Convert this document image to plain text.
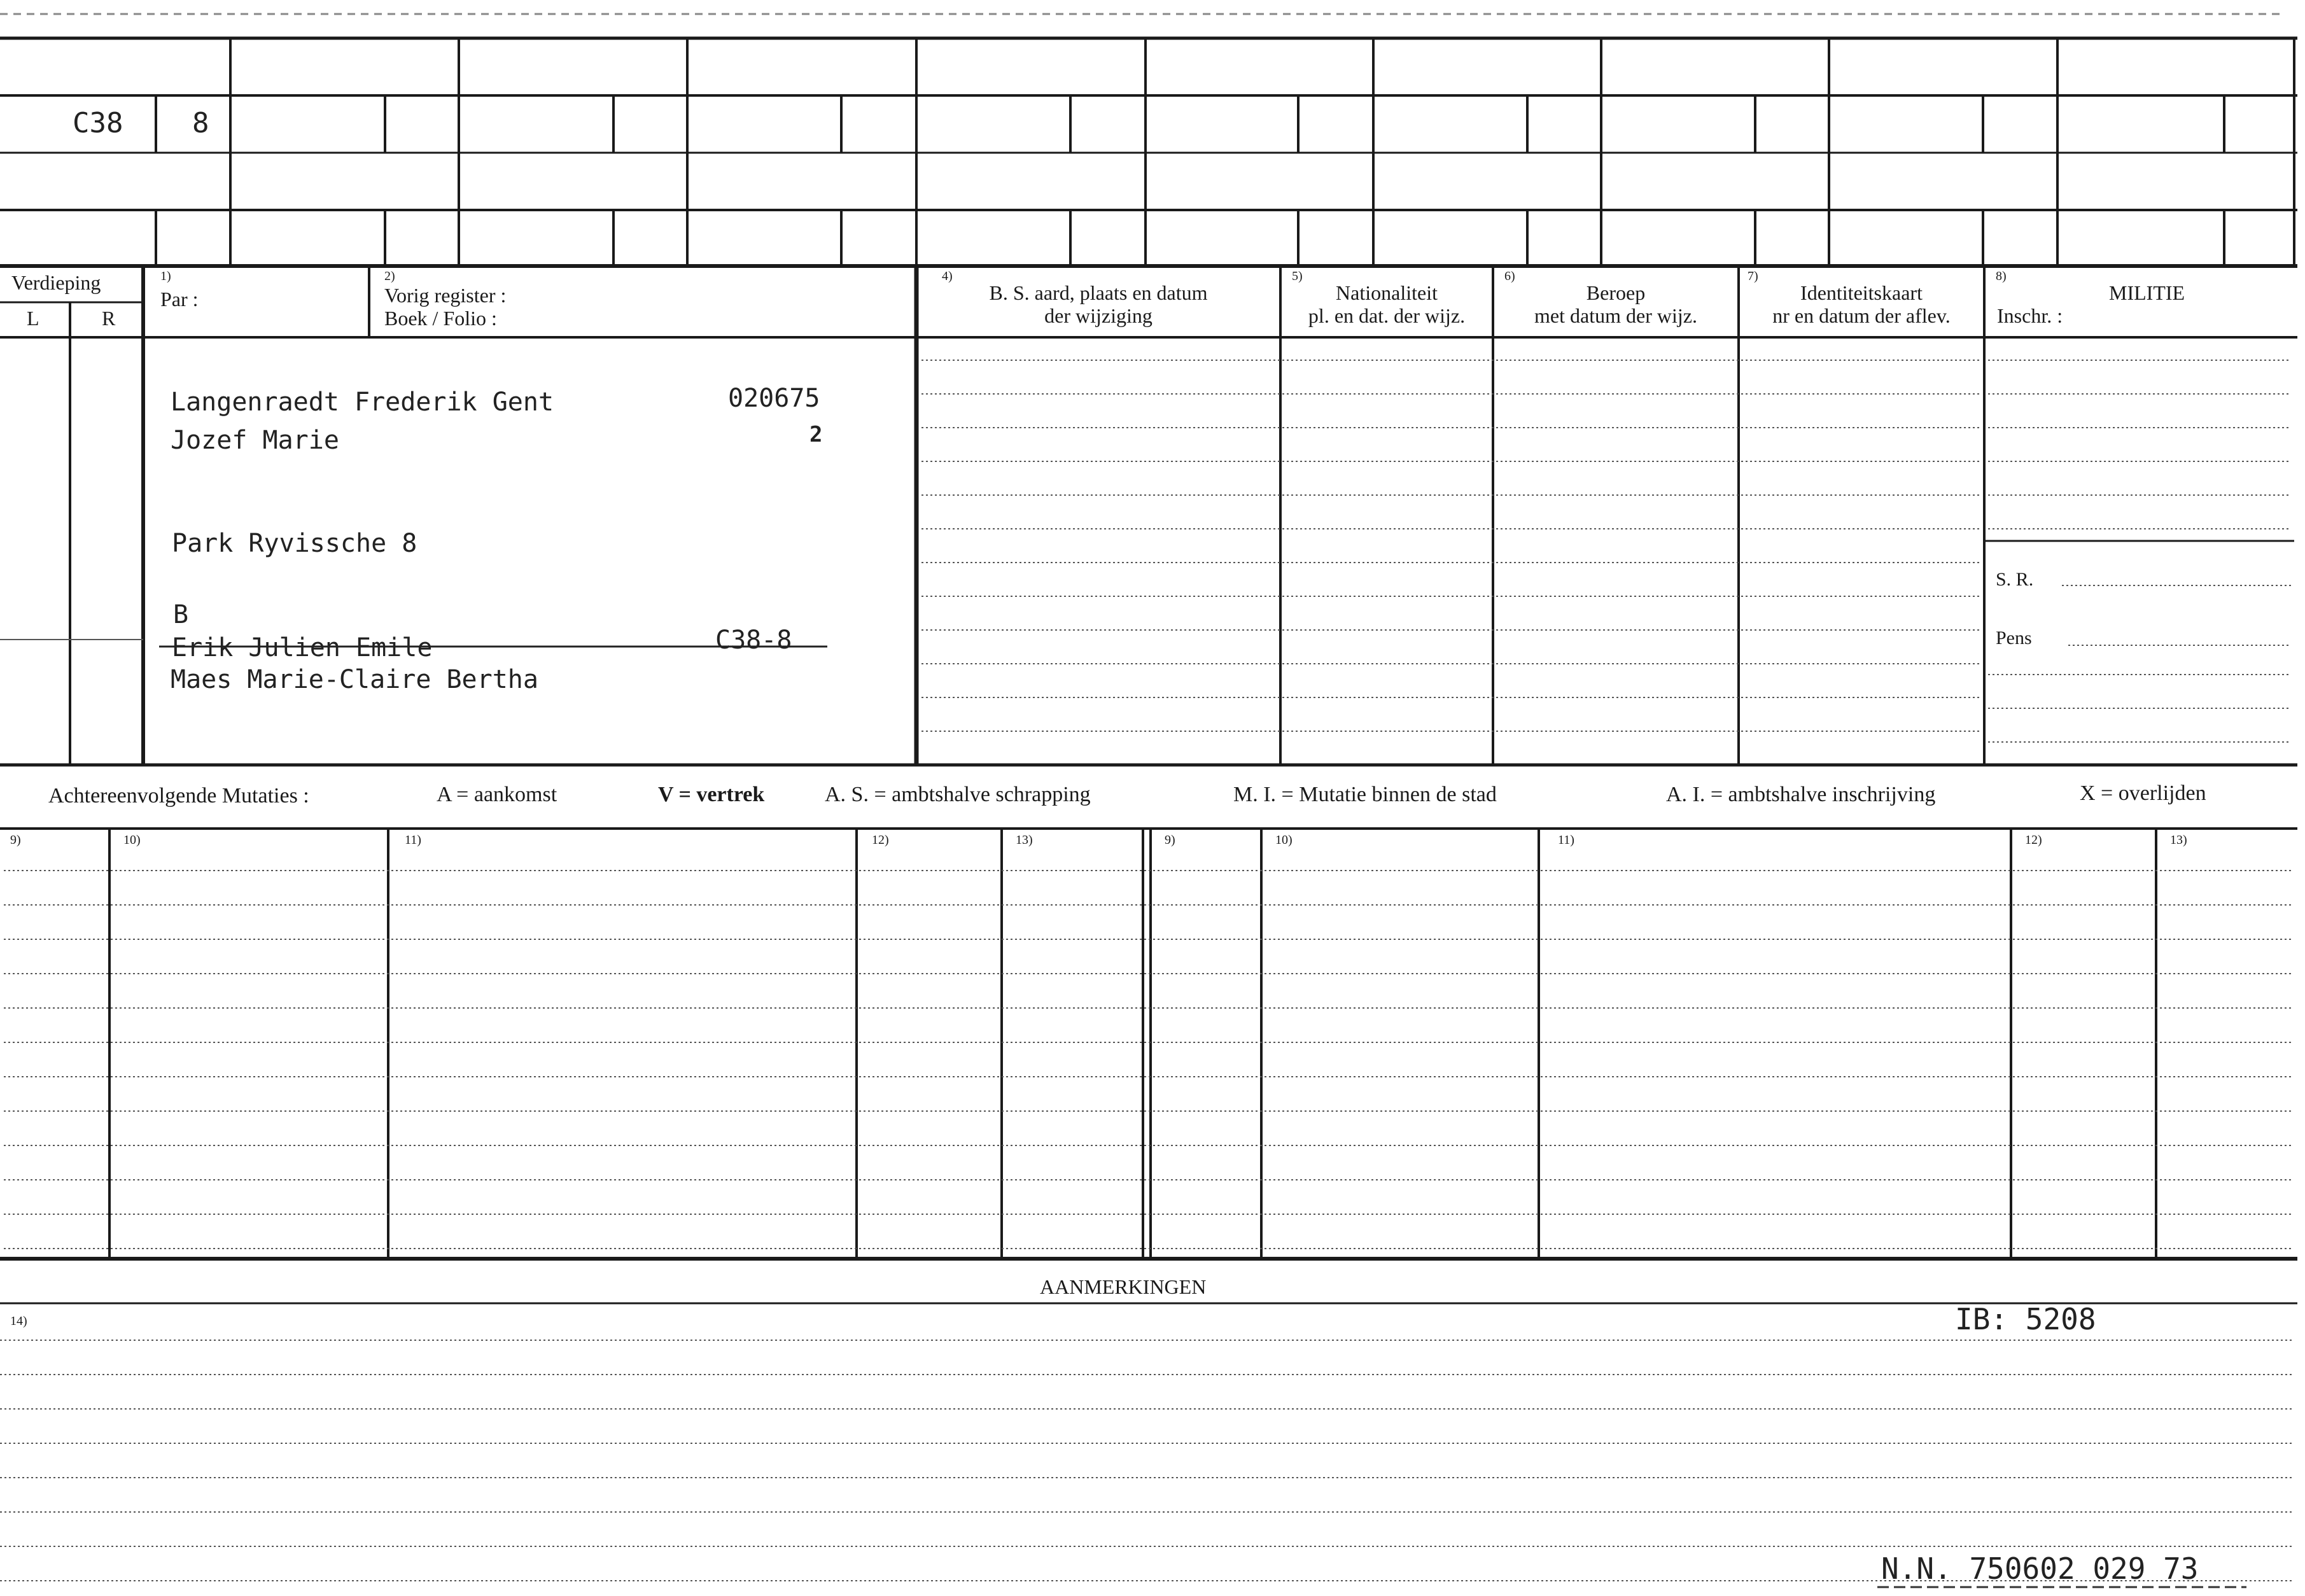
C38 8
Verdieping
L	R
1)
Par :
2)
Vorig register :
Boek / Folio :
4)
B. S. aard, plaats en datum
der wijziging
5)
Nationaliteit
pl. en dat. der wijz.
6)
Beroep
met datum der wijz.
7)
Identiteitskaart
nr en datum der aflev.
8)
MILITIE
Inschr. :
S. R.
Pens
Langenraedt Frederik Gent	020675
Jozef Marie	2
Park Ryvissche 8
B
Erik Julien Emile	C38-8
Maes Marie-Claire Bertha
Achtereenvolgende Mutaties :	A = aankomst	V = vertrek	A. S. = ambtshalve schrapping	M. I. = Mutatie binnen de stad	A. I. = ambtshalve inschrijving	X = overlijden
9)	10)	11)	12)	13)	9)	10)	11)	12)	13)
AANMERKINGEN
14)	IB: 5208
N.N. 750602 029 73
